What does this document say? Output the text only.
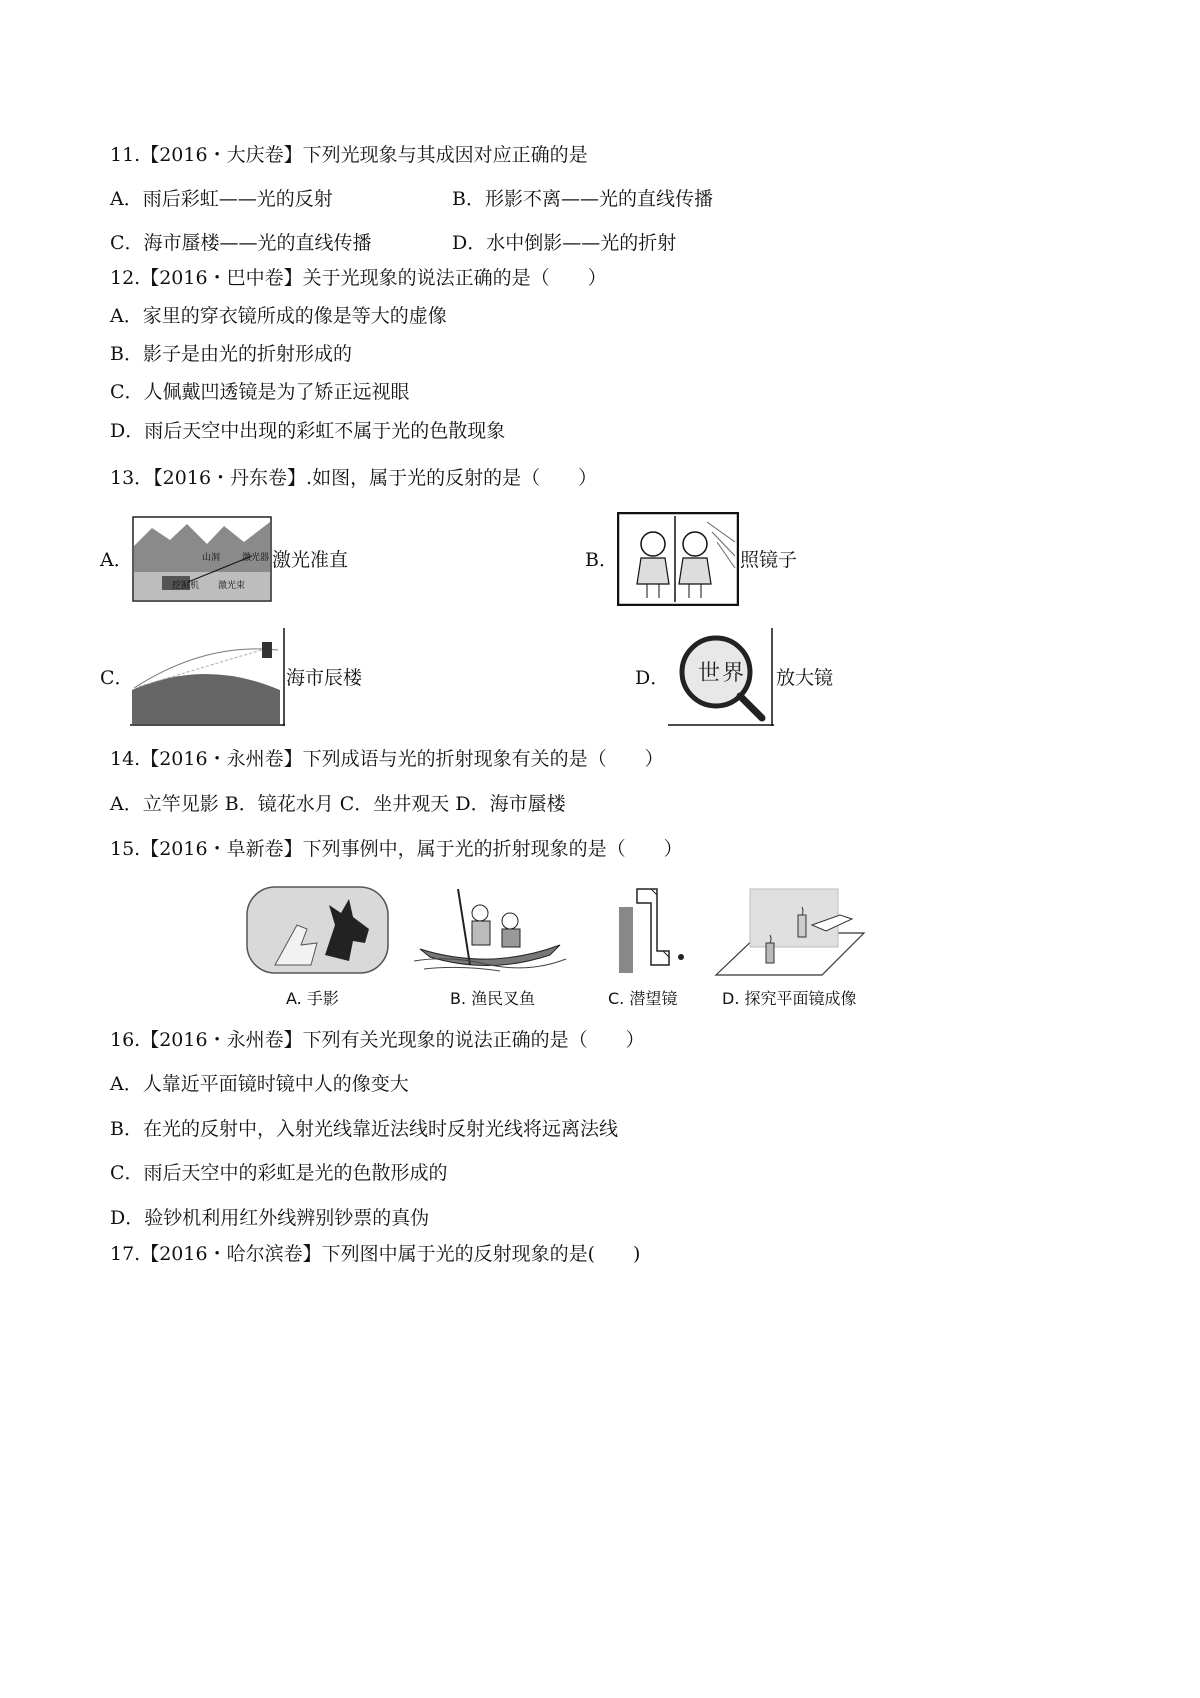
11.【2016・大庆卷】下列光现象与其成因对应正确的是
A．雨后彩虹——光的反射	B．形影不离——光的直线传播
C．海市蜃楼——光的直线传播	D．水中倒影——光的折射
12.【2016・巴中卷】关于光现象的说法正确的是（　　）
A．家里的穿衣镜所成的像是等大的虚像
B．影子是由光的折射形成的
C．人佩戴凹透镜是为了矫正远视眼
D．雨后天空中出现的彩虹不属于光的色散现象
13．【2016・丹东卷】.如图，属于光的反射的是（　　）
A．	山洞 激光器
挖掘机 激光束
激光准直	B．	照镜子
C．	海市辰楼	D． 世 界 放大镜
14.【2016・永州卷】下列成语与光的折射现象有关的是（　　）
A．立竿见影 B．镜花水月 C．坐井观天 D．海市蜃楼
15.【2016・阜新卷】下列事例中，属于光的折射现象的是（　　）
A. 手影	B. 渔民叉鱼	C. 潜望镜	D. 探究平面镜成像
16.【2016・永州卷】下列有关光现象的说法正确的是（　　）
A．人靠近平面镜时镜中人的像变大
B．在光的反射中，入射光线靠近法线时反射光线将远离法线
C．雨后天空中的彩虹是光的色散形成的
D．验钞机利用红外线辨别钞票的真伪
17.【2016・哈尔滨卷】下列图中属于光的反射现象的是(　　)
